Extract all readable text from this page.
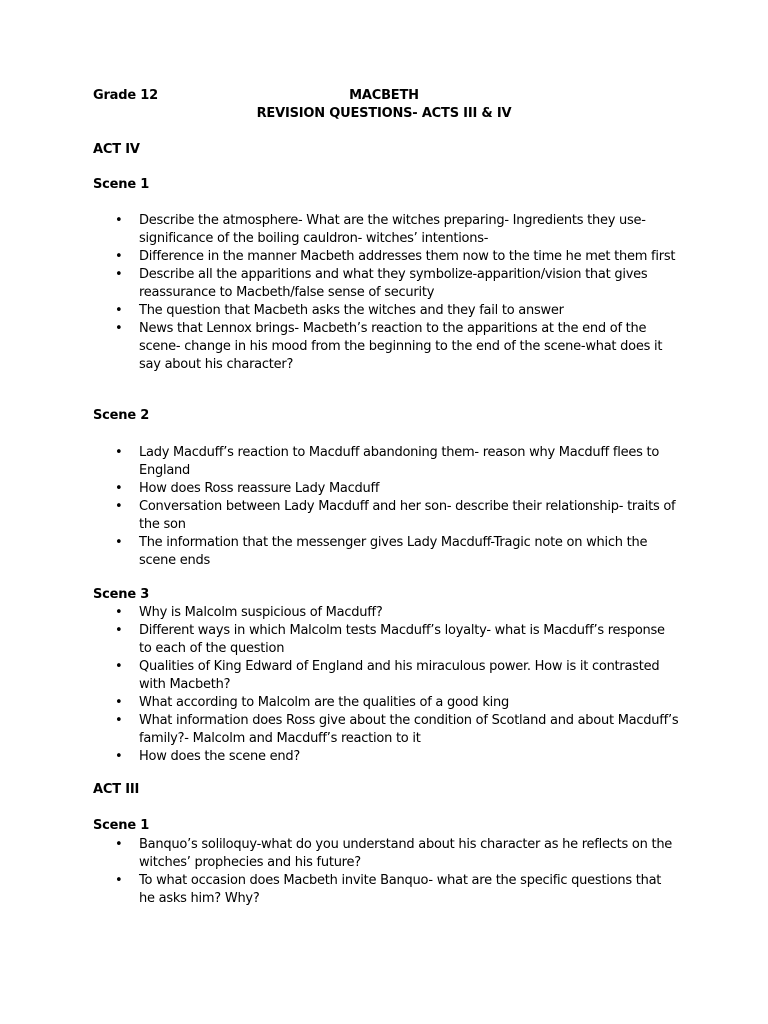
Grade 12	MACBETH
REVISION QUESTIONS- ACTS III & IV
ACT IV
Scene 1
• Describe the atmosphere- What are the witches preparing- Ingredients they use- significance of the boiling cauldron- witches’ intentions-
• Difference in the manner Macbeth addresses them now to the time he met them first
• Describe all the apparitions and what they symbolize-apparition/vision that gives reassurance to Macbeth/false sense of security
• The question that Macbeth asks the witches and they fail to answer
• News that Lennox brings- Macbeth’s reaction to the apparitions at the end of the scene- change in his mood from the beginning to the end of the scene-what does it say about his character?
Scene 2
• Lady Macduff’s reaction to Macduff abandoning them- reason why Macduff flees to England
• How does Ross reassure Lady Macduff
• Conversation between Lady Macduff and her son- describe their relationship- traits of the son
• The information that the messenger gives Lady Macduff-Tragic note on which the scene ends
Scene 3
• Why is Malcolm suspicious of Macduff?
• Different ways in which Malcolm tests Macduff’s loyalty- what is Macduff’s response to each of the question
• Qualities of King Edward of England and his miraculous power. How is it contrasted with Macbeth?
• What according to Malcolm are the qualities of a good king
• What information does Ross give about the condition of Scotland and about Macduff’s family?- Malcolm and Macduff’s reaction to it
• How does the scene end?
ACT III
Scene 1
• Banquo’s soliloquy-what do you understand about his character as he reflects on the witches’ prophecies and his future?
• To what occasion does Macbeth invite Banquo- what are the specific questions that he asks him? Why?
